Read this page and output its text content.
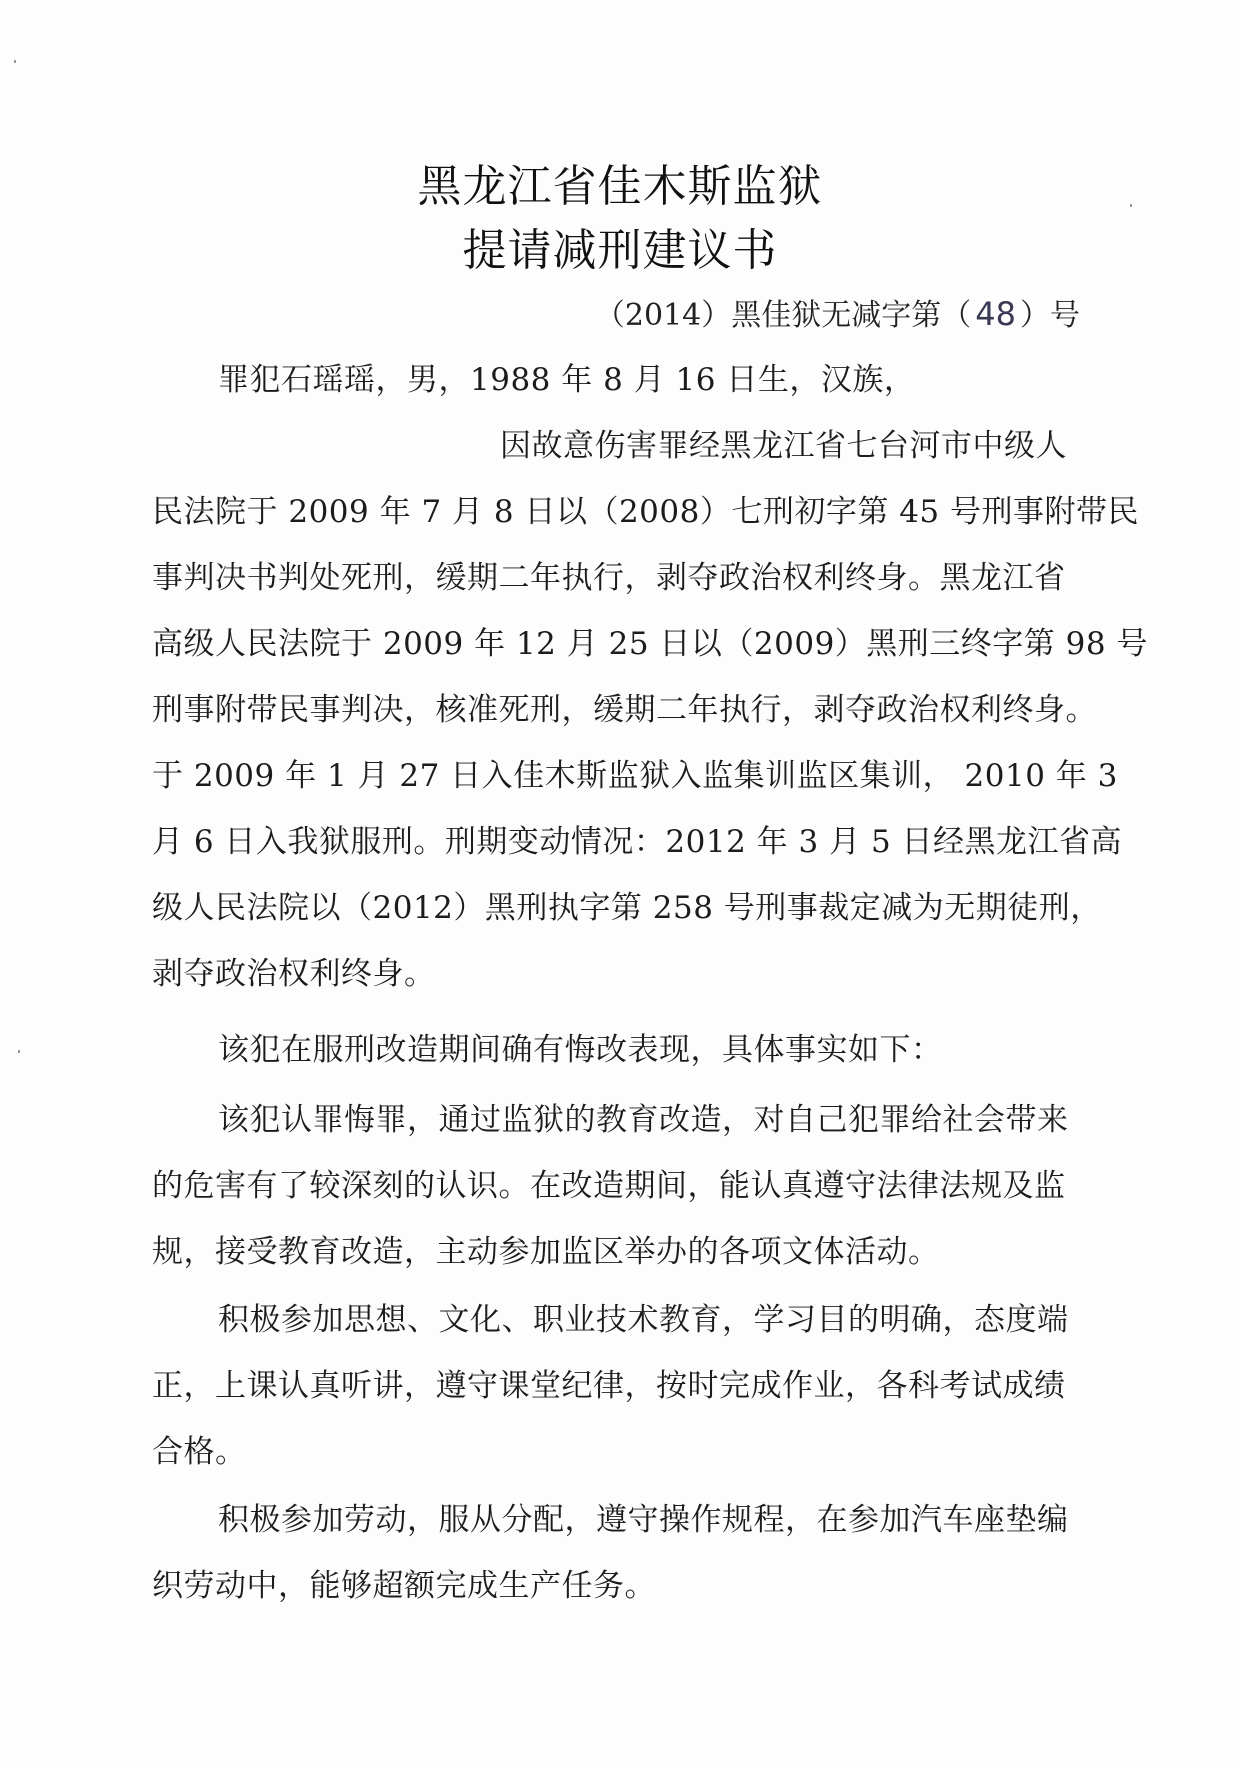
黑龙江省佳木斯监狱
提请减刑建议书
（2014）黑佳狱无减字第（ 48 ）号
罪犯石瑶瑶，男，1988 年 8 月 16 日生，汉族，
因故意伤害罪经黑龙江省七台河市中级人
民法院于 2009 年 7 月 8 日以（2008）七刑初字第 45 号刑事附带民
事判决书判处死刑，缓期二年执行，剥夺政治权利终身。黑龙江省
高级人民法院于 2009 年 12 月 25 日以（2009）黑刑三终字第 98 号
刑事附带民事判决，核准死刑，缓期二年执行，剥夺政治权利终身。
于 2009 年 1 月 27 日入佳木斯监狱入监集训监区集训， 2010 年 3
月 6 日入我狱服刑。刑期变动情况：2012 年 3 月 5 日经黑龙江省高
级人民法院以（2012）黑刑执字第 258 号刑事裁定减为无期徒刑，
剥夺政治权利终身。
该犯在服刑改造期间确有悔改表现，具体事实如下：
该犯认罪悔罪，通过监狱的教育改造，对自己犯罪给社会带来
的危害有了较深刻的认识。在改造期间，能认真遵守法律法规及监
规，接受教育改造，主动参加监区举办的各项文体活动。
积极参加思想、文化、职业技术教育，学习目的明确，态度端
正，上课认真听讲，遵守课堂纪律，按时完成作业，各科考试成绩
合格。
积极参加劳动，服从分配，遵守操作规程，在参加汽车座垫编
织劳动中，能够超额完成生产任务。
